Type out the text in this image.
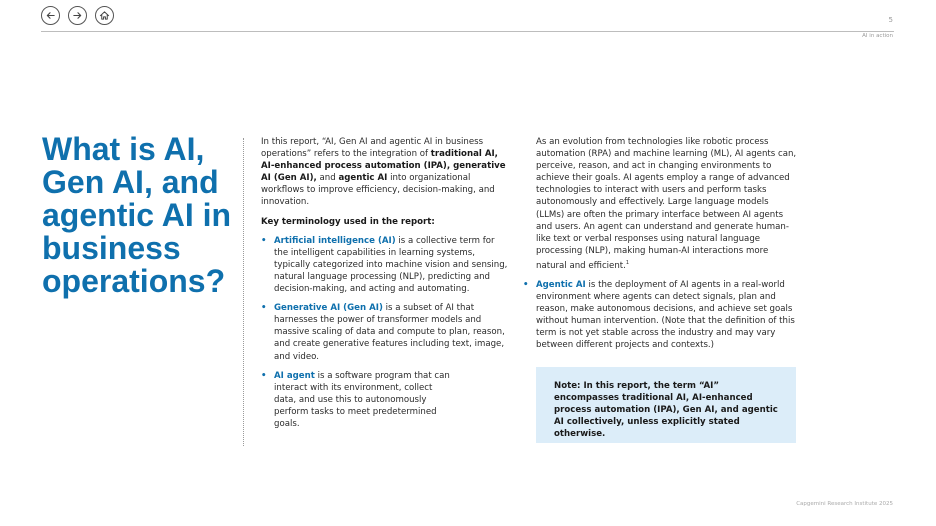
5
AI in action
What is AI, Gen AI, and agentic AI in business operations?

In this report, “AI, Gen AI and agentic AI in business operations” refers to the integration of traditional AI, AI-enhanced process automation (IPA), generative AI (Gen AI), and agentic AI into organizational workflows to improve efficiency, decision-making, and innovation.

Key terminology used in the report:

• Artificial intelligence (AI) is a collective term for the intelligent capabilities in learning systems, typically categorized into machine vision and sensing, natural language processing (NLP), predicting and decision-making, and acting and automating.
• Generative AI (Gen AI) is a subset of AI that harnesses the power of transformer models and massive scaling of data and compute to plan, reason, and create generative features including text, image, and video.
• AI agent is a software program that can interact with its environment, collect data, and use this to autonomously perform tasks to meet predetermined goals.

As an evolution from technologies like robotic process automation (RPA) and machine learning (ML), AI agents can, perceive, reason, and act in changing environments to achieve their goals. AI agents employ a range of advanced technologies to interact with users and perform tasks autonomously and effectively. Large language models (LLMs) are often the primary interface between AI agents and users. An agent can understand and generate human-like text or verbal responses using natural language processing (NLP), making human-AI interactions more natural and efficient.$^1$

• Agentic AI is the deployment of AI agents in a real-world environment where agents can detect signals, plan and reason, make autonomous decisions, and achieve set goals without human intervention. (Note that the definition of this term is not yet stable across the industry and may vary between different projects and contexts.)

Note: In this report, the term “AI” encompasses traditional AI, AI-enhanced process automation (IPA), Gen AI, and agentic AI collectively, unless explicitly stated otherwise.

Capgemini Research Institute 2025
